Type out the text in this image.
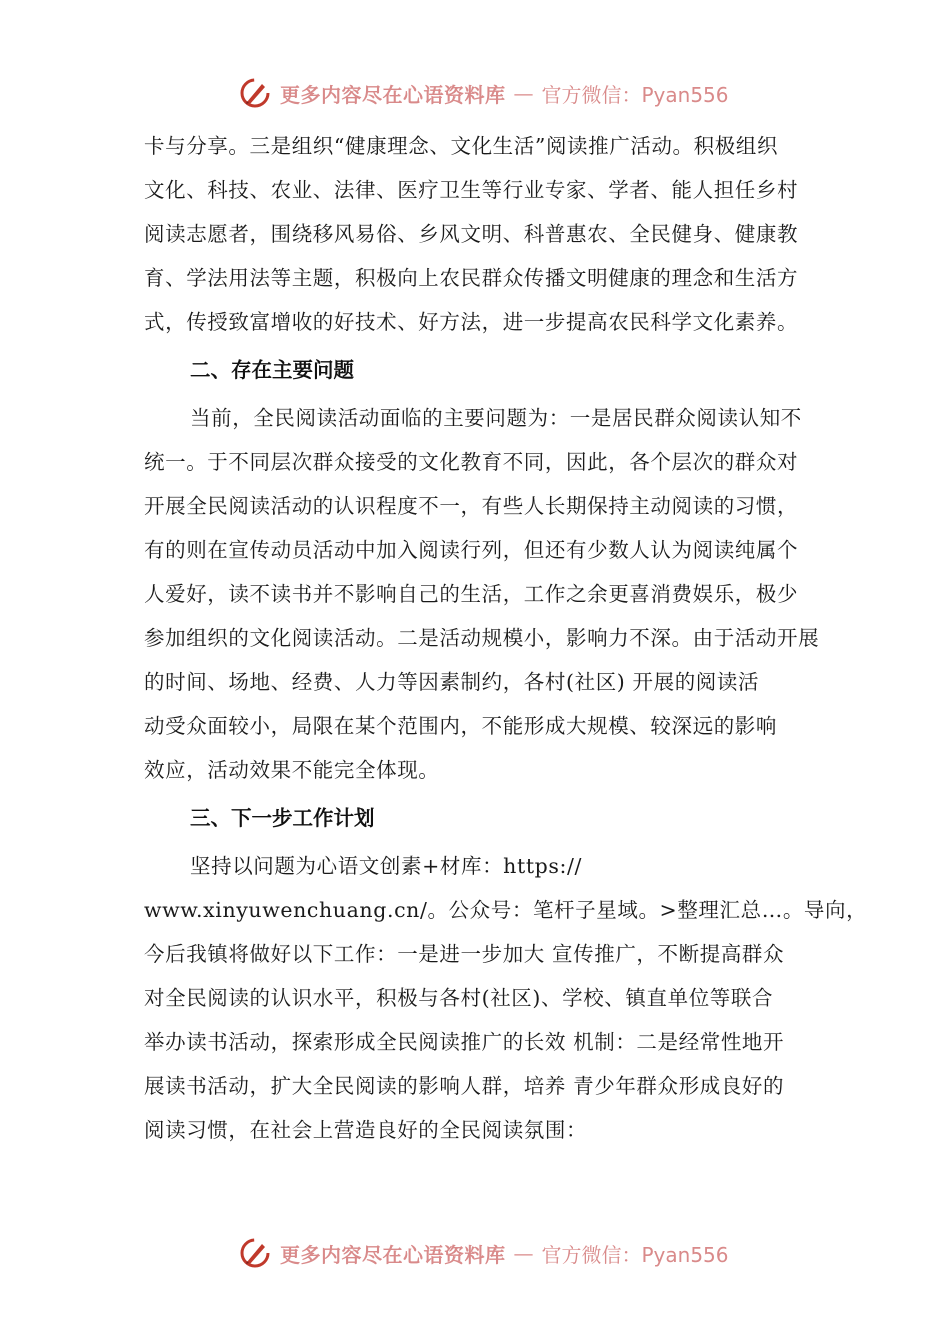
更多内容尽在心语资料库 — 官方微信：Pyan556
卡与分享。三是组织“健康理念、文化生活”阅读推广活动。积极组织
文化、科技、农业、法律、医疗卫生等行业专家、学者、能人担任乡村
阅读志愿者，围绕移风易俗、乡风文明、科普惠农、全民健身、健康教
育、学法用法等主题，积极向上农民群众传播文明健康的理念和生活方
式，传授致富增收的好技术、好方法，进一步提高农民科学文化素养。
二、存在主要问题
当前，全民阅读活动面临的主要问题为：一是居民群众阅读认知不
统一。于不同层次群众接受的文化教育不同，因此，各个层次的群众对
开展全民阅读活动的认识程度不一，有些人长期保持主动阅读的习惯，
有的则在宣传动员活动中加入阅读行列，但还有少数人认为阅读纯属个
人爱好，读不读书并不影响自己的生活，工作之余更喜消费娱乐，极少
参加组织的文化阅读活动。二是活动规模小，影响力不深。由于活动开展
的时间、场地、经费、人力等因素制约，各村(社区) 开展的阅读活
动受众面较小，局限在某个范围内，不能形成大规模、较深远的影响
效应，活动效果不能完全体现。
三、下一步工作计划
坚持以问题为心语文创素+材库：https://
www.xinyuwenchuang.cn/。公众号：笔杆子星域。>整理汇总…。导向，
今后我镇将做好以下工作：一是进一步加大 宣传推广，不断提高群众
对全民阅读的认识水平，积极与各村(社区)、学校、镇直单位等联合
举办读书活动，探索形成全民阅读推广的长效 机制：二是经常性地开
展读书活动，扩大全民阅读的影响人群，培养 青少年群众形成良好的
阅读习惯，在社会上营造良好的全民阅读氛围：
更多内容尽在心语资料库 — 官方微信：Pyan556
